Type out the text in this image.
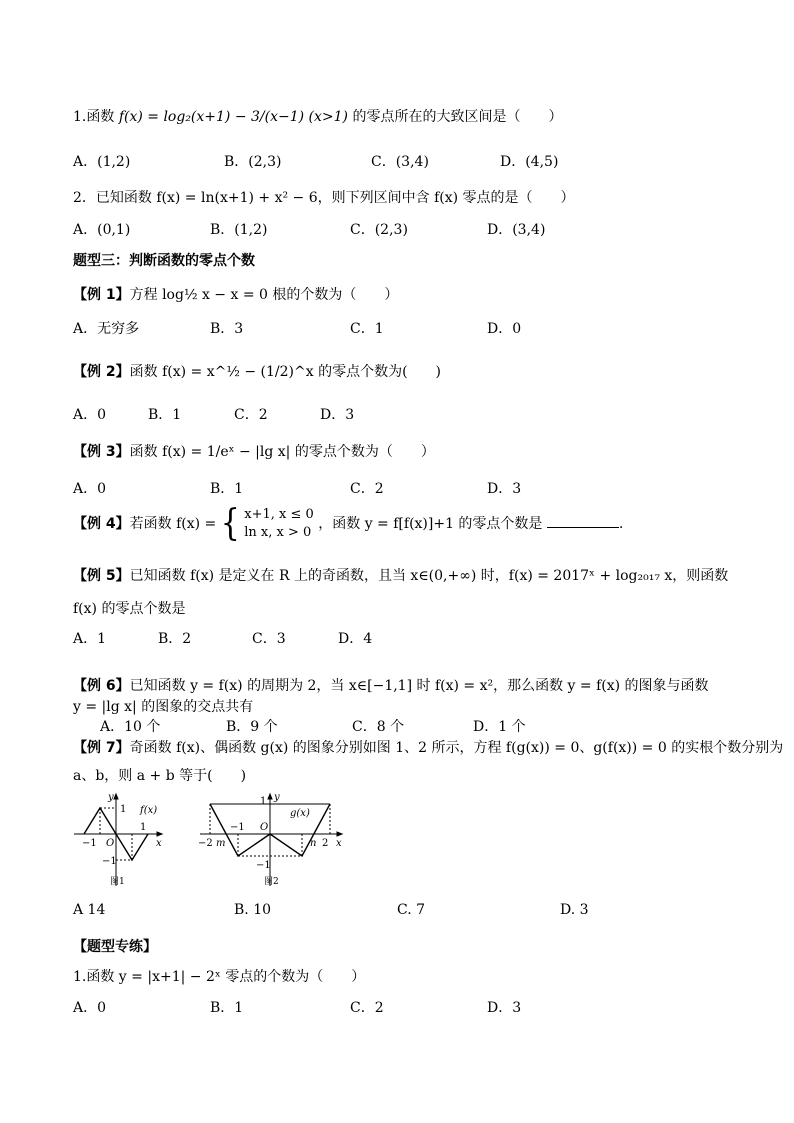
1.函数 f(x) = log₂(x+1) − 3/(x−1) (x>1) 的零点所在的大致区间是（　　）
A．(1,2)	B．(2,3)	C．(3,4)	D．(4,5)
2．已知函数 f(x) = ln(x+1) + x² − 6，则下列区间中含 f(x) 零点的是（　　）
A．(0,1)	B．(1,2)	C．(2,3)	D．(3,4)
题型三：判断函数的零点个数
【例 1】方程 log½ x − x = 0 根的个数为（　　）
A．无穷多	B．3	C．1	D．0
【例 2】函数 f(x) = x^½ − (1/2)^x 的零点个数为(　　)
A．0	B．1	C．2	D．3
【例 3】函数 f(x) = 1/eˣ − |lg x| 的零点个数为（　　）
A．0	B．1	C．2	D．3
【例 4】若函数 f(x) = { x+1, x ≤ 0
ln x, x > 0
，函数 y = f[f(x)]+1 的零点个数是	.
【例 5】已知函数 f(x) 是定义在 R 上的奇函数，且当 x∈(0,+∞) 时，f(x) = 2017ˣ + log₂₀₁₇ x，则函数
f(x) 的零点个数是
A．1	B．2	C．3	D．4
【例 6】已知函数 y = f(x) 的周期为 2，当 x∈[−1,1] 时 f(x) = x²，那么函数 y = f(x) 的图象与函数
y = |lg x| 的图象的交点共有
A．10 个	B．9 个	C．8 个	D．1 个
【例 7】奇函数 f(x)、偶函数 g(x) 的图象分别如图 1、2 所示，方程 f(g(x)) = 0、g(f(x)) = 0 的实根个数分别为
a、b，则 a + b 等于(　　)
y
1 f(x)
−1 O
1
x
−1
图1
y
1
g(x)
−2 m
−1 O
n 2 x
−1
图2
A 14	B. 10	C. 7	D. 3
【题型专练】
1.函数 y = |x+1| − 2ˣ 零点的个数为（　　）
A．0	B．1	C．2	D．3
